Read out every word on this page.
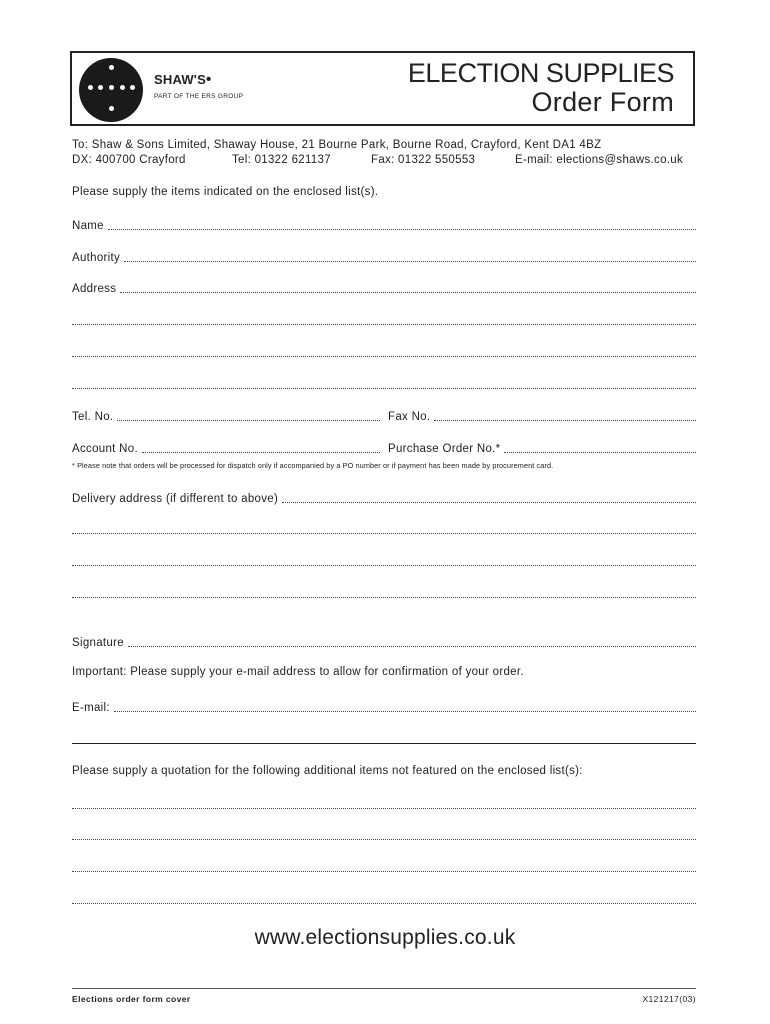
SHAW'S•
PART OF THE ERS GROUP
ELECTION SUPPLIES
Order Form
To: Shaw & Sons Limited, Shaway House, 21 Bourne Park, Bourne Road, Crayford, Kent DA1 4BZ
DX: 400700 Crayford	Tel: 01322 621137	Fax: 01322 550553	E-mail: elections@shaws.co.uk
Please supply the items indicated on the enclosed list(s).
Name
Authority
Address
Tel. No.	Fax No.
Account No.	Purchase Order No.*
* Please note that orders will be processed for dispatch only if accompanied by a PO number or if payment has been made by procurement card.
Delivery address (if different to above)
Signature
Important: Please supply your e-mail address to allow for confirmation of your order.
E-mail:
Please supply a quotation for the following additional items not featured on the enclosed list(s):
www.electionsupplies.co.uk
Elections order form cover	X121217(03)
